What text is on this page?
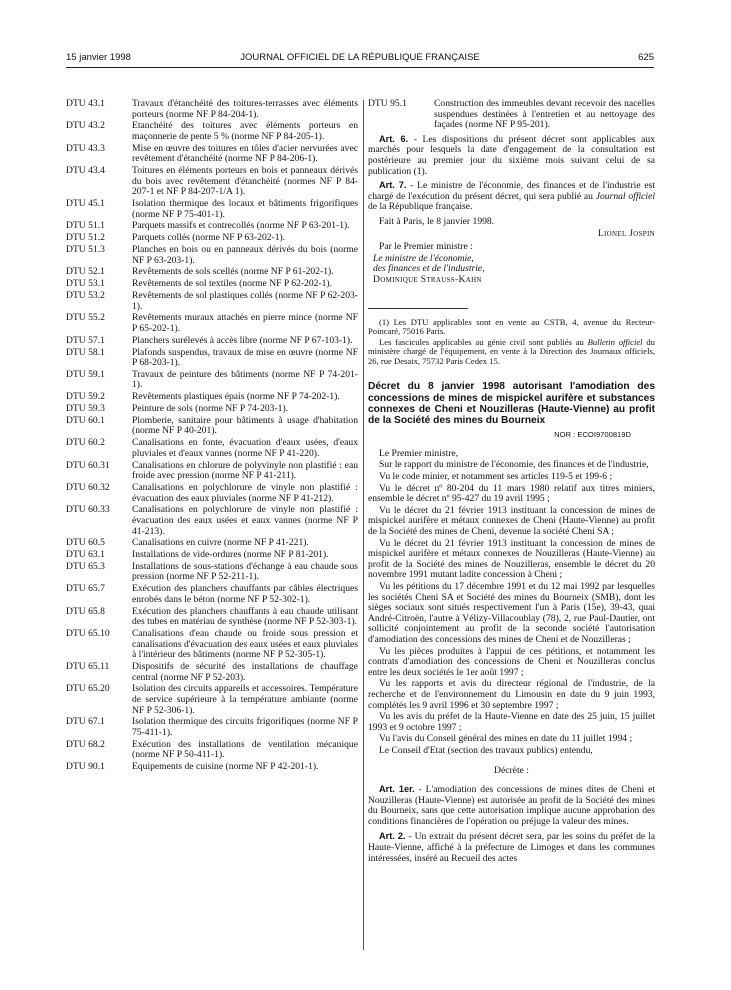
15 janvier 1998	JOURNAL OFFICIEL DE LA RÉPUBLIQUE FRANÇAISE	625
DTU 43.1	Travaux d'étanchéité des toitures-terrasses avec éléments porteurs (norme NF P 84-204-1).
DTU 43.2	Etanchéité des toitures avec éléments porteurs en maçonnerie de pente 5 % (norme NF P 84-205-1).
DTU 43.3	Mise en œuvre des toitures en tôles d'acier nervurées avec revêtement d'étanchéité (norme NF P 84-206-1).
DTU 43.4	Toitures en éléments porteurs en bois et panneaux dérivés du bois avec revêtement d'étanchéité (normes NF P 84-207-1 et NF P 84-207-1/A 1).
DTU 45.1	Isolation thermique des locaux et bâtiments frigorifiques (norme NF P 75-401-1).
DTU 51.1	Parquets massifs et contrecollés (norme NF P 63-201-1).
DTU 51.2	Parquets collés (norme NF P 63-202-1).
DTU 51.3	Planches en bois ou en panneaux dérivés du bois (norme NF P 63-203-1).
DTU 52.1	Revêtements de sols scellés (norme NF P 61-202-1).
DTU 53.1	Revêtements de sol textiles (norme NF P 62-202-1).
DTU 53.2	Revêtements de sol plastiques collés (norme NF P 62-203-1).
DTU 55.2	Revêtements muraux attachés en pierre mince (norme NF P 65-202-1).
DTU 57.1	Planchers surélevés à accès libre (norme NF P 67-103-1).
DTU 58.1	Plafonds suspendus, travaux de mise en œuvre (norme NF P 68-203-1).
DTU 59.1	Travaux de peinture des bâtiments (norme NF P 74-201-1).
DTU 59.2	Revêtements plastiques épais (norme NF P 74-202-1).
DTU 59.3	Peinture de sols (norme NF P 74-203-1).
DTU 60.1	Plomberie, sanitaire pour bâtiments à usage d'habitation (norme NF P 40-201).
DTU 60.2	Canalisations en fonte, évacuation d'eaux usées, d'eaux pluviales et d'eaux vannes (norme NF P 41-220).
DTU 60.31 Canalisations en chlorure de polyvinyle non plastifié : eau froide avec pression (norme NF P 41-211).
DTU 60.32 Canalisations en polychlorure de vinyle non plastifié : évacuation des eaux pluviales (norme NF P 41-212).
DTU 60.33 Canalisations en polychlorure de vinyle non plastifié : évacuation des eaux usées et eaux vannes (norme NF P 41-213).
DTU 60.5	Canalisations en cuivre (norme NF P 41-221).
DTU 63.1	Installations de vide-ordures (norme NF P 81-201).
DTU 65.3	Installations de sous-stations d'échange à eau chaude sous pression (norme NF P 52-211-1).
DTU 65.7	Exécution des planchers chauffants par câbles électriques enrobés dans le béton (norme NF P 52-302-1).
DTU 65.8	Exécution des planchers chauffants à eau chaude utilisant des tubes en matériau de synthèse (norme NF P 52-303-1).
DTU 65.10 Canalisations d'eau chaude ou froide sous pression et canalisations d'évacuation des eaux usées et eaux pluviales à l'intérieur des bâtiments (norme NF P 52-305-1).
DTU 65.11 Dispositifs de sécurité des installations de chauffage central (norme NF P 52-203).
DTU 65.20 Isolation des circuits appareils et accessoires. Température de service supérieure à la température ambiante (norme NF P 52-306-1).
DTU 67.1	Isolation thermique des circuits frigorifiques (norme NF P 75-411-1).
DTU 68.2	Exécution des installations de ventilation mécanique (norme NF P 50-411-1).
DTU 90.1	Equipements de cuisine (norme NF P 42-201-1).
DTU 95.1	Construction des immeubles devant recevoir des nacelles suspendues destinées à l'entretien et au nettoyage des façades (norme NF P 95-201).

Art. 6. - Les dispositions du présent décret sont applicables aux marchés pour lesquels la date d'engagement de la consultation est postérieure au premier jour du sixième mois suivant celui de sa publication (1).

Art. 7. - Le ministre de l'économie, des finances et de l'industrie est chargé de l'exécution du présent décret, qui sera publié au Journal officiel de la République française.

Fait à Paris, le 8 janvier 1998.

Lionel Jospin

Par le Premier ministre :

Le ministre de l'économie,

des finances et de l'industrie,

Dominique Strauss-Kahn

(1) Les DTU applicables sont en vente au CSTB, 4, avenue du Recteur-Poincaré, 75016 Paris.

Les fascicules applicables au génie civil sont publiés au Bulletin officiel du ministère chargé de l'équipement, en vente à la Direction des Journaux officiels, 26, rue Desaix, 75732 Paris Cedex 15.

Décret du 8 janvier 1998 autorisant l'amodiation des concessions de mines de mispickel aurifère et substances connexes de Cheni et Nouzilleras (Haute-Vienne) au profit de la Société des mines du Bourneix

NOR : ECOI9700819D

Le Premier ministre,

Sur le rapport du ministre de l'économie, des finances et de l'industrie,

Vu le code minier, et notamment ses articles 119-5 et 199-6 ;

Vu le décret nº 80-204 du 11 mars 1980 relatif aux titres miniers, ensemble le décret nº 95-427 du 19 avril 1995 ;

Vu le décret du 21 février 1913 instituant la concession de mines de mispickel aurifère et métaux connexes de Cheni (Haute-Vienne) au profit de la Société des mines de Cheni, devenue la société Cheni SA ;

Vu le décret du 21 février 1913 instituant la concession de mines de mispickel aurifère et métaux connexes de Nouzilleras (Haute-Vienne) au profit de la Société des mines de Nouzilleras, ensemble le décret du 20 novembre 1991 mutant ladite concession à Cheni ;

Vu les pétitions du 17 décembre 1991 et du 12 mai 1992 par lesquelles les sociétés Cheni SA et Société des mines du Bourneix (SMB), dont les sièges sociaux sont situés respectivement l'un à Paris (15e), 39-43, quai André-Citroën, l'autre à Vélizy-Villacoublay (78), 2, rue Paul-Dautier, ont sollicité conjointement au profit de la seconde société l'autorisation d'amodiation des concessions des mines de Cheni et de Nouzilleras ;

Vu les pièces produites à l'appui de ces pétitions, et notamment les contrats d'amodiation des concessions de Cheni et Nouzilleras conclus entre les deux sociétés le 1er août 1997 ;

Vu les rapports et avis du directeur régional de l'industrie, de la recherche et de l'environnement du Limousin en date du 9 juin 1993, complétés les 9 avril 1996 et 30 septembre 1997 ;

Vu les avis du préfet de la Haute-Vienne en date des 25 juin, 15 juillet 1993 et 9 octobre 1997 ;

Vu l'avis du Conseil général des mines en date du 11 juillet 1994 ;

Le Conseil d'Etat (section des travaux publics) entendu,

Décrète :

Art. 1er. - L'amodiation des concessions de mines dites de Cheni et Nouzilleras (Haute-Vienne) est autorisée au profit de la Société des mines du Bourneix, sans que cette autorisation implique aucune approbation des conditions financières de l'opération ou préjuge la valeur des mines.

Art. 2. - Un extrait du présent décret sera, par les soins du préfet de la Haute-Vienne, affiché à la préfecture de Limoges et dans les communes intéressées, inséré au Recueil des actes
